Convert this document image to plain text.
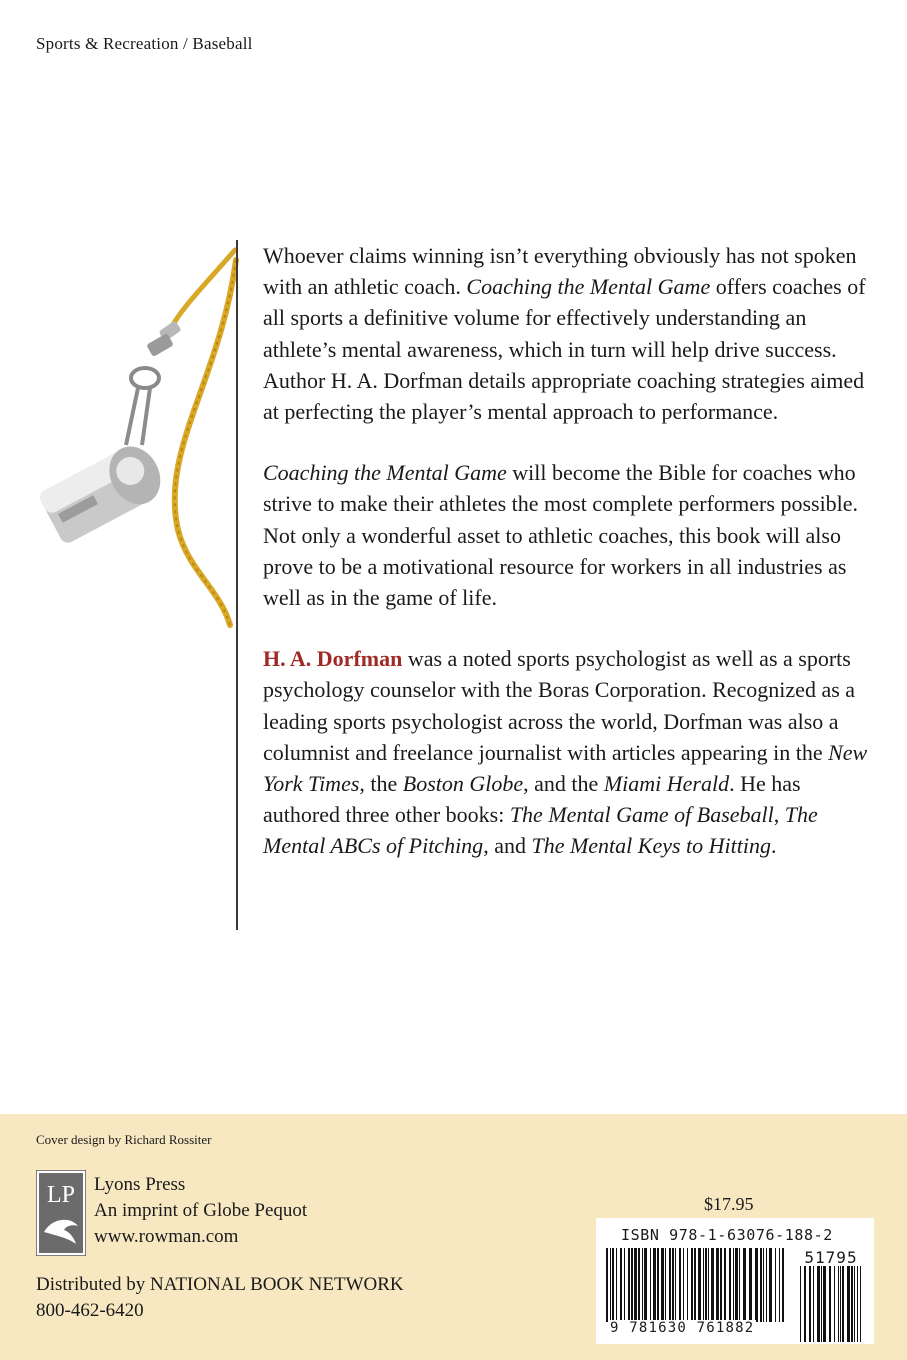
Sports & Recreation / Baseball

Whoever claims winning isn’t everything obviously has not spoken with an athletic coach. Coaching the Mental Game offers coaches of all sports a definitive volume for effectively understanding an athlete’s mental awareness, which in turn will help drive success. Author H. A. Dorfman details appropriate coaching strategies aimed at perfecting the player’s mental approach to performance.

Coaching the Mental Game will become the Bible for coaches who strive to make their athletes the most complete performers possible. Not only a wonderful asset to athletic coaches, this book will also prove to be a motivational resource for workers in all industries as well as in the game of life.

H. A. Dorfman was a noted sports psychologist as well as a sports psychology counselor with the Boras Corporation. Recognized as a leading sports psychologist across the world, Dorfman was also a columnist and freelance journalist with articles appearing in the New York Times, the Boston Globe, and the Miami Herald. He has authored three other books: The Mental Game of Baseball, The Mental ABCs of Pitching, and The Mental Keys to Hitting.

Cover design by Richard Rossiter
LP Lyons Press
An imprint of Globe Pequot
www.rowman.com
Distributed by NATIONAL BOOK NETWORK
800-462-6420
$17.95
ISBN 978-1-63076-188-2
51795
9 781630 761882
